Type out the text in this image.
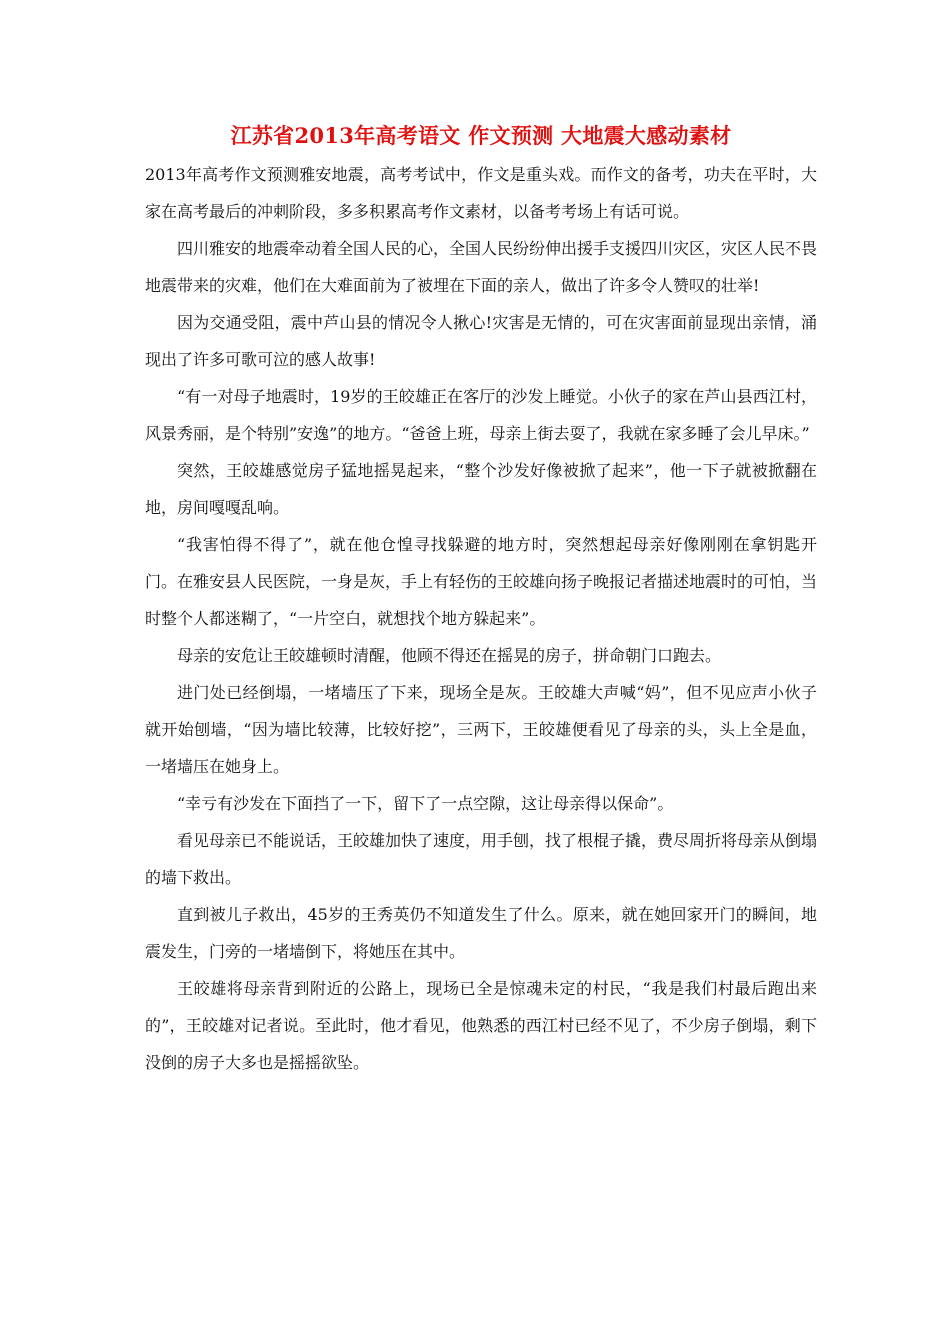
江苏省2013年高考语文 作文预测 大地震大感动素材

2013年高考作文预测雅安地震，高考考试中，作文是重头戏。而作文的备考，功夫在平时，大家在高考最后的冲刺阶段，多多积累高考作文素材，以备考考场上有话可说。

四川雅安的地震牵动着全国人民的心，全国人民纷纷伸出援手支援四川灾区，灾区人民不畏地震带来的灾难，他们在大难面前为了被埋在下面的亲人，做出了许多令人赞叹的壮举!

因为交通受阻，震中芦山县的情况令人揪心!灾害是无情的，可在灾害面前显现出亲情，涌现出了许多可歌可泣的感人故事!

“有一对母子地震时，19岁的王皎雄正在客厅的沙发上睡觉。小伙子的家在芦山县西江村，风景秀丽，是个特别”安逸”的地方。“爸爸上班，母亲上街去耍了，我就在家多睡了会儿早床。”

突然，王皎雄感觉房子猛地摇晃起来，“整个沙发好像被掀了起来”，他一下子就被掀翻在地，房间嘎嘎乱响。

“我害怕得不得了”，就在他仓惶寻找躲避的地方时，突然想起母亲好像刚刚在拿钥匙开门。在雅安县人民医院，一身是灰，手上有轻伤的王皎雄向扬子晚报记者描述地震时的可怕，当时整个人都迷糊了，“一片空白，就想找个地方躲起来”。

母亲的安危让王皎雄顿时清醒，他顾不得还在摇晃的房子，拼命朝门口跑去。

进门处已经倒塌，一堵墙压了下来，现场全是灰。王皎雄大声喊“妈”，但不见应声小伙子就开始刨墙，“因为墙比较薄，比较好挖”，三两下，王皎雄便看见了母亲的头，头上全是血，一堵墙压在她身上。

“幸亏有沙发在下面挡了一下，留下了一点空隙，这让母亲得以保命”。

看见母亲已不能说话，王皎雄加快了速度，用手刨，找了根棍子撬，费尽周折将母亲从倒塌的墙下救出。

直到被儿子救出，45岁的王秀英仍不知道发生了什么。原来，就在她回家开门的瞬间，地震发生，门旁的一堵墙倒下，将她压在其中。

王皎雄将母亲背到附近的公路上，现场已全是惊魂未定的村民，“我是我们村最后跑出来的”，王皎雄对记者说。至此时，他才看见，他熟悉的西江村已经不见了，不少房子倒塌，剩下没倒的房子大多也是摇摇欲坠。
